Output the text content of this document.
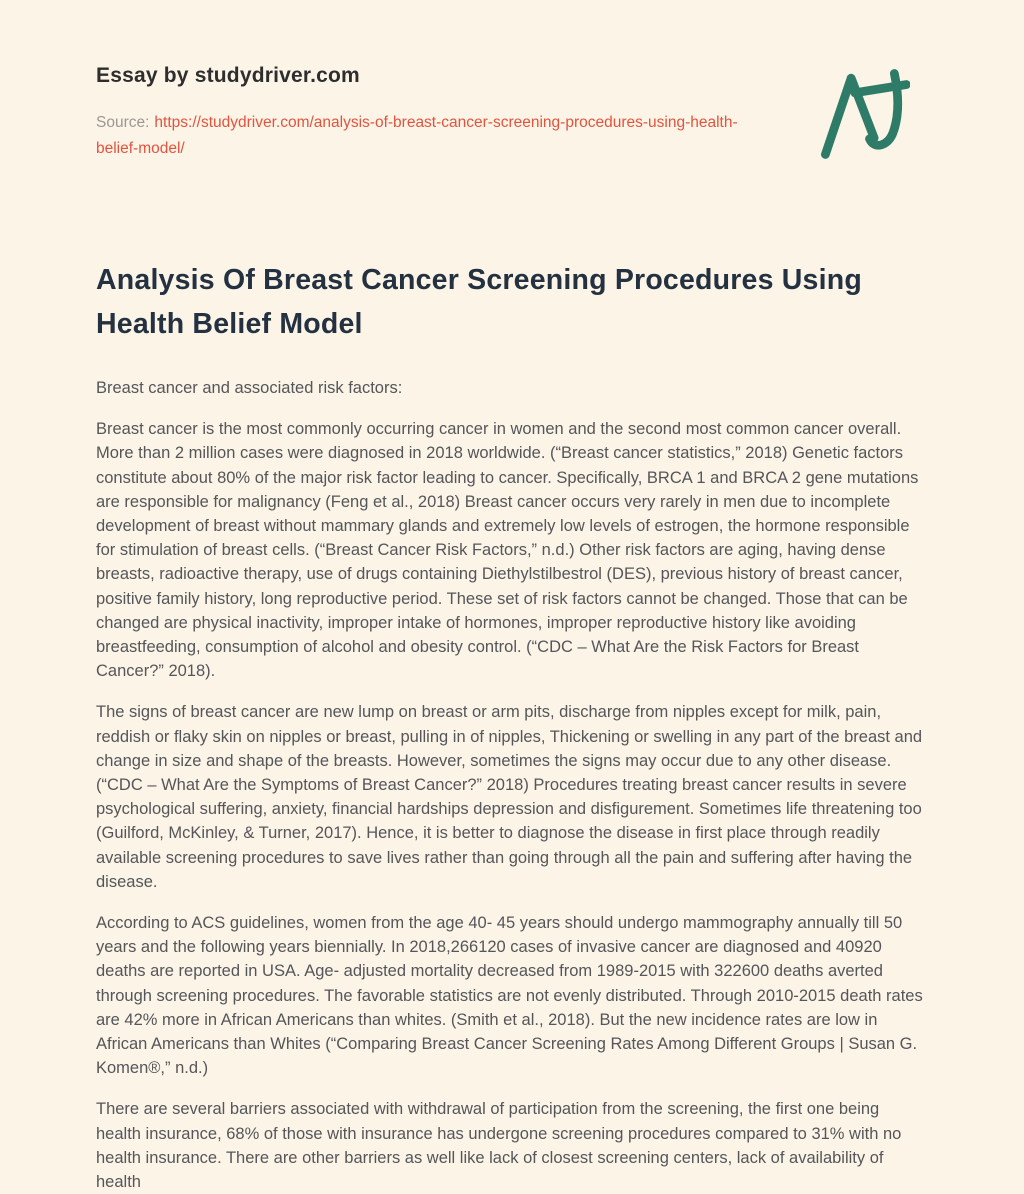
Essay by studydriver.com

Source: https://studydriver.com/analysis-of-breast-cancer-screening-procedures-using-health-belief-model/

Analysis Of Breast Cancer Screening Procedures Using Health Belief Model

Breast cancer and associated risk factors:

Breast cancer is the most commonly occurring cancer in women and the second most common cancer overall. More than 2 million cases were diagnosed in 2018 worldwide. (“Breast cancer statistics,” 2018) Genetic factors constitute about 80% of the major risk factor leading to cancer. Specifically, BRCA 1 and BRCA 2 gene mutations are responsible for malignancy (Feng et al., 2018) Breast cancer occurs very rarely in men due to incomplete development of breast without mammary glands and extremely low levels of estrogen, the hormone responsible for stimulation of breast cells. (“Breast Cancer Risk Factors,” n.d.) Other risk factors are aging, having dense breasts, radioactive therapy, use of drugs containing Diethylstilbestrol (DES), previous history of breast cancer, positive family history, long reproductive period. These set of risk factors cannot be changed. Those that can be changed are physical inactivity, improper intake of hormones, improper reproductive history like avoiding breastfeeding, consumption of alcohol and obesity control. (“CDC – What Are the Risk Factors for Breast Cancer?” 2018).

The signs of breast cancer are new lump on breast or arm pits, discharge from nipples except for milk, pain, reddish or flaky skin on nipples or breast, pulling in of nipples, Thickening or swelling in any part of the breast and change in size and shape of the breasts. However, sometimes the signs may occur due to any other disease. (“CDC – What Are the Symptoms of Breast Cancer?” 2018) Procedures treating breast cancer results in severe psychological suffering, anxiety, financial hardships depression and disfigurement. Sometimes life threatening too (Guilford, McKinley, & Turner, 2017). Hence, it is better to diagnose the disease in first place through readily available screening procedures to save lives rather than going through all the pain and suffering after having the disease.

According to ACS guidelines, women from the age 40- 45 years should undergo mammography annually till 50 years and the following years biennially. In 2018,266120 cases of invasive cancer are diagnosed and 40920 deaths are reported in USA. Age- adjusted mortality decreased from 1989-2015 with 322600 deaths averted through screening procedures. The favorable statistics are not evenly distributed. Through 2010-2015 death rates are 42% more in African Americans than whites. (Smith et al., 2018). But the new incidence rates are low in African Americans than Whites (“Comparing Breast Cancer Screening Rates Among Different Groups | Susan G. Komen®,” n.d.)

There are several barriers associated with withdrawal of participation from the screening, the first one being health insurance, 68% of those with insurance has undergone screening procedures compared to 31% with no health insurance. There are other barriers as well like lack of closest screening centers, lack of availability of health
